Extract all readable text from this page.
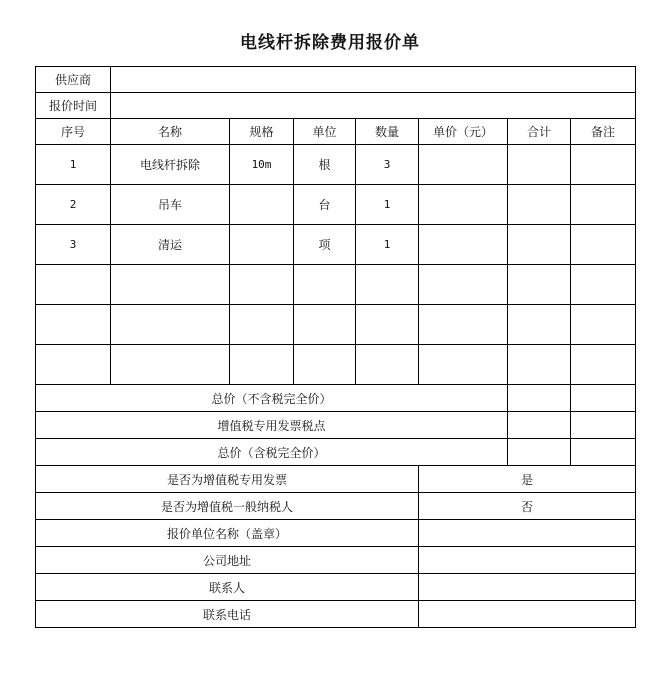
电线杆拆除费用报价单
供应商							
报价时间							
序号	名称	规格	单位	数量	单价（元）	合计	备注
1	电线杆拆除	10m	根	3			
2	吊车		台	1			
3	清运		项	1			

总价（不含税完全价）							
增值税专用发票税点							
总价（含税完全价）							
是否为增值税专用发票					是		
是否为增值税一般纳税人					否		
报价单位名称（盖章）							
公司地址							
联系人							
联系电话							
